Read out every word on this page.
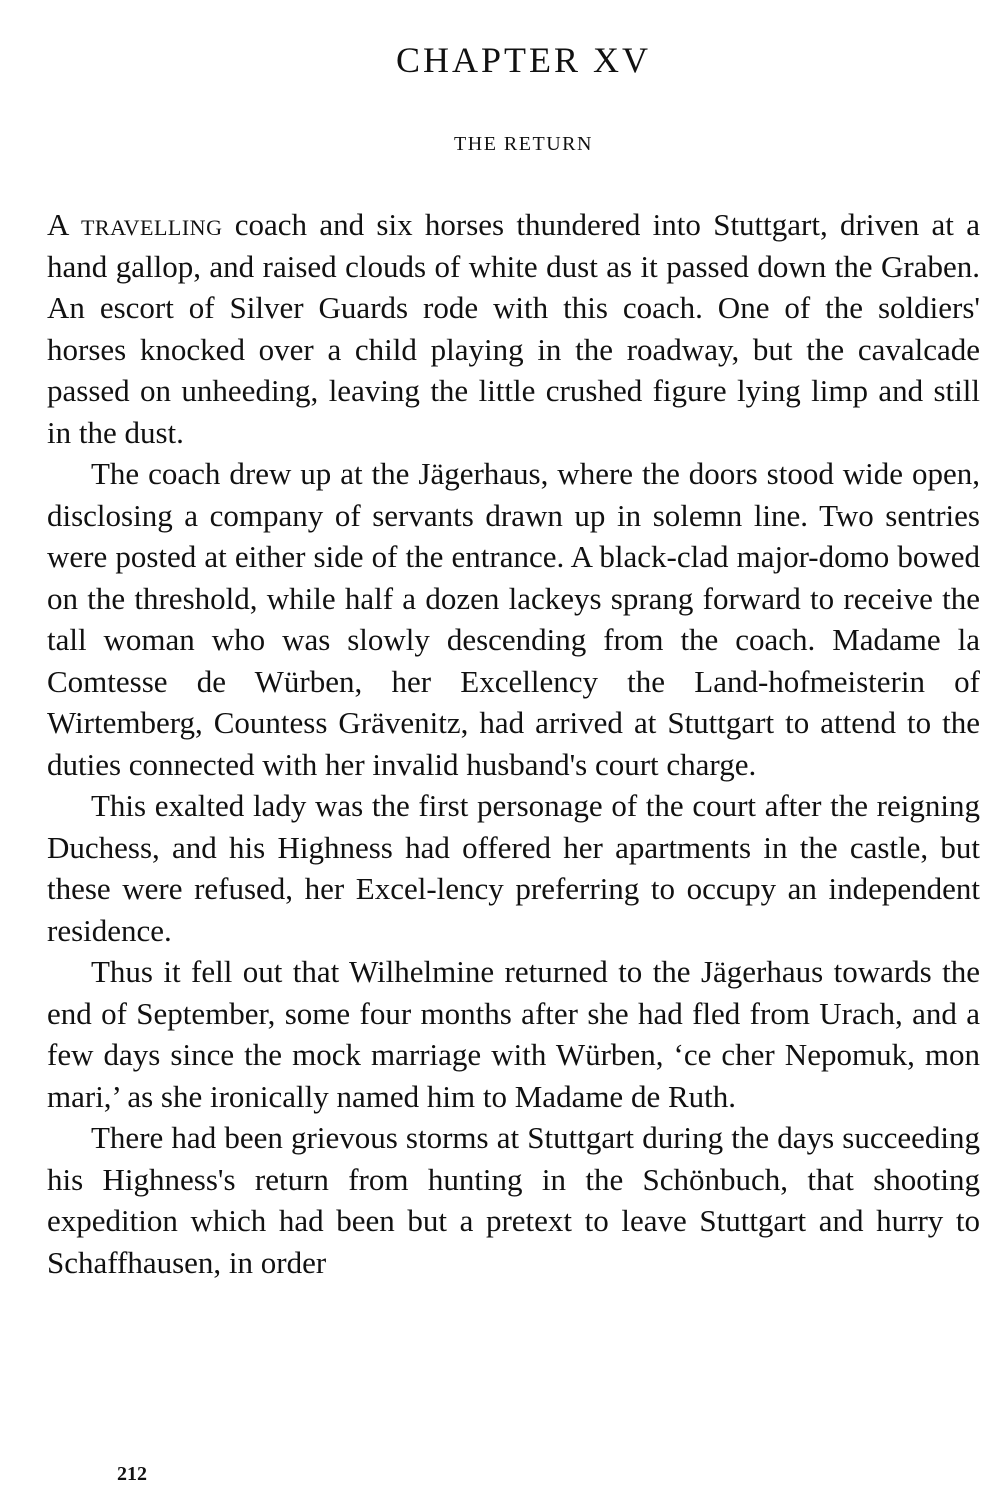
CHAPTER XV
THE RETURN

A travelling coach and six horses thundered into Stuttgart, driven at a hand gallop, and raised clouds of white dust as it passed down the Graben. An escort of Silver Guards rode with this coach. One of the soldiers' horses knocked over a child playing in the roadway, but the cavalcade passed on unheeding, leaving the little crushed figure lying limp and still in the dust.

The coach drew up at the Jägerhaus, where the doors stood wide open, disclosing a company of servants drawn up in solemn line. Two sentries were posted at either side of the entrance. A black-clad major-domo bowed on the threshold, while half a dozen lackeys sprang forward to receive the tall woman who was slowly descending from the coach. Madame la Comtesse de Würben, her Excellency the Land-hofmeisterin of Wirtemberg, Countess Grävenitz, had arrived at Stuttgart to attend to the duties connected with her invalid husband's court charge.

This exalted lady was the first personage of the court after the reigning Duchess, and his Highness had offered her apartments in the castle, but these were refused, her Excel-lency preferring to occupy an independent residence.

Thus it fell out that Wilhelmine returned to the Jägerhaus towards the end of September, some four months after she had fled from Urach, and a few days since the mock marriage with Würben, ‘ce cher Nepomuk, mon mari,’ as she ironically named him to Madame de Ruth.

There had been grievous storms at Stuttgart during the days succeeding his Highness's return from hunting in the Schönbuch, that shooting expedition which had been but a pretext to leave Stuttgart and hurry to Schaffhausen, in order

212
